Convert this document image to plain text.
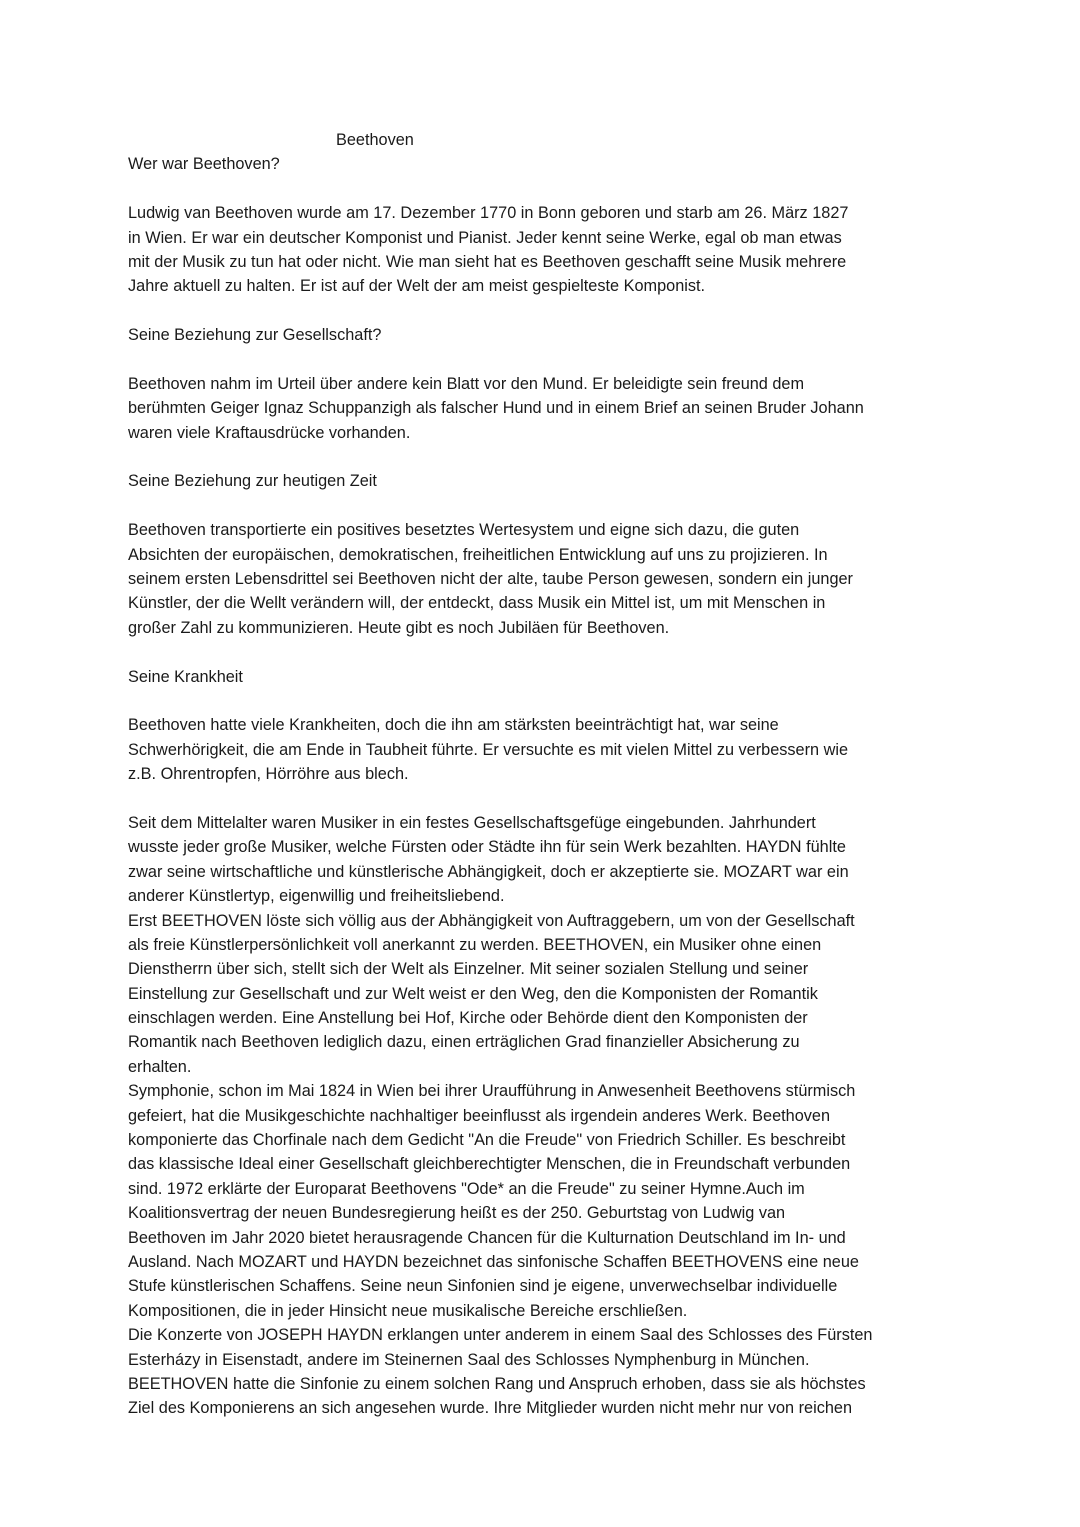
Beethoven
Wer war Beethoven?
Ludwig van Beethoven wurde am 17. Dezember 1770 in Bonn geboren und starb am 26. März 1827
in Wien. Er war ein deutscher Komponist und Pianist. Jeder kennt seine Werke, egal ob man etwas
mit der Musik zu tun hat oder nicht. Wie man sieht hat es Beethoven geschafft seine Musik mehrere
Jahre aktuell zu halten. Er ist auf der Welt der am meist gespielteste Komponist.
Seine Beziehung zur Gesellschaft?
Beethoven nahm im Urteil über andere kein Blatt vor den Mund. Er beleidigte sein freund dem
berühmten Geiger Ignaz Schuppanzigh als falscher Hund und in einem Brief an seinen Bruder Johann
waren viele Kraftausdrücke vorhanden.
Seine Beziehung zur heutigen Zeit
Beethoven transportierte ein positives besetztes Wertesystem und eigne sich dazu, die guten
Absichten der europäischen, demokratischen, freiheitlichen Entwicklung auf uns zu projizieren. In
seinem ersten Lebensdrittel sei Beethoven nicht der alte, taube Person gewesen, sondern ein junger
Künstler, der die Wellt verändern will, der entdeckt, dass Musik ein Mittel ist, um mit Menschen in
großer Zahl zu kommunizieren. Heute gibt es noch Jubiläen für Beethoven.
Seine Krankheit
Beethoven hatte viele Krankheiten, doch die ihn am stärksten beeinträchtigt hat, war seine
Schwerhörigkeit, die am Ende in Taubheit führte. Er versuchte es mit vielen Mittel zu verbessern wie
z.B. Ohrentropfen, Hörröhre aus blech.
Seit dem Mittelalter waren Musiker in ein festes Gesellschaftsgefüge eingebunden. Jahrhundert
wusste jeder große Musiker, welche Fürsten oder Städte ihn für sein Werk bezahlten. HAYDN fühlte
zwar seine wirtschaftliche und künstlerische Abhängigkeit, doch er akzeptierte sie. MOZART war ein
anderer Künstlertyp, eigenwillig und freiheitsliebend.
Erst BEETHOVEN löste sich völlig aus der Abhängigkeit von Auftraggebern, um von der Gesellschaft
als freie Künstlerpersönlichkeit voll anerkannt zu werden. BEETHOVEN, ein Musiker ohne einen
Dienstherrn über sich, stellt sich der Welt als Einzelner. Mit seiner sozialen Stellung und seiner
Einstellung zur Gesellschaft und zur Welt weist er den Weg, den die Komponisten der Romantik
einschlagen werden. Eine Anstellung bei Hof, Kirche oder Behörde dient den Komponisten der
Romantik nach Beethoven lediglich dazu, einen erträglichen Grad finanzieller Absicherung zu
erhalten.
Symphonie, schon im Mai 1824 in Wien bei ihrer Uraufführung in Anwesenheit Beethovens stürmisch
gefeiert, hat die Musikgeschichte nachhaltiger beeinflusst als irgendein anderes Werk. Beethoven
komponierte das Chorfinale nach dem Gedicht "An die Freude" von Friedrich Schiller. Es beschreibt
das klassische Ideal einer Gesellschaft gleichberechtigter Menschen, die in Freundschaft verbunden
sind. 1972 erklärte der Europarat Beethovens "Ode* an die Freude" zu seiner Hymne.Auch im
Koalitionsvertrag der neuen Bundesregierung heißt es der 250. Geburtstag von Ludwig van
Beethoven im Jahr 2020 bietet herausragende Chancen für die Kulturnation Deutschland im In- und
Ausland. Nach MOZART und HAYDN bezeichnet das sinfonische Schaffen BEETHOVENS eine neue
Stufe künstlerischen Schaffens. Seine neun Sinfonien sind je eigene, unverwechselbar individuelle
Kompositionen, die in jeder Hinsicht neue musikalische Bereiche erschließen.
Die Konzerte von JOSEPH HAYDN erklangen unter anderem in einem Saal des Schlosses des Fürsten
Esterházy in Eisenstadt, andere im Steinernen Saal des Schlosses Nymphenburg in München.
BEETHOVEN hatte die Sinfonie zu einem solchen Rang und Anspruch erhoben, dass sie als höchstes
Ziel des Komponierens an sich angesehen wurde. Ihre Mitglieder wurden nicht mehr nur von reichen
